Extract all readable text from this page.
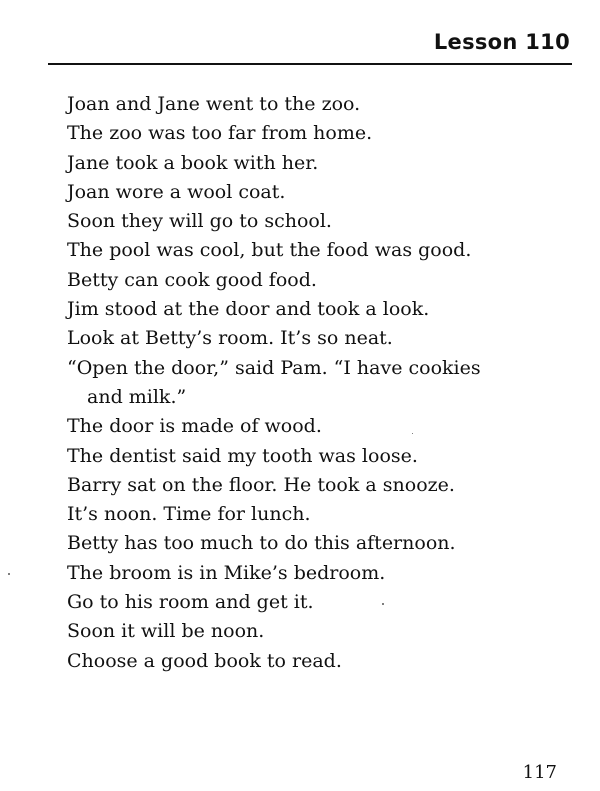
Lesson 110
Joan and Jane went to the zoo.
The zoo was too far from home.
Jane took a book with her.
Joan wore a wool coat.
Soon they will go to school.
The pool was cool, but the food was good.
Betty can cook good food.
Jim stood at the door and took a look.
Look at Betty’s room. It’s so neat.
“Open the door,” said Pam. “I have cookies
and milk.”
The door is made of wood.
The dentist said my tooth was loose.
Barry sat on the floor. He took a snooze.
It’s noon. Time for lunch.
Betty has too much to do this afternoon.
The broom is in Mike’s bedroom.
Go to his room and get it.
Soon it will be noon.
Choose a good book to read.
117
